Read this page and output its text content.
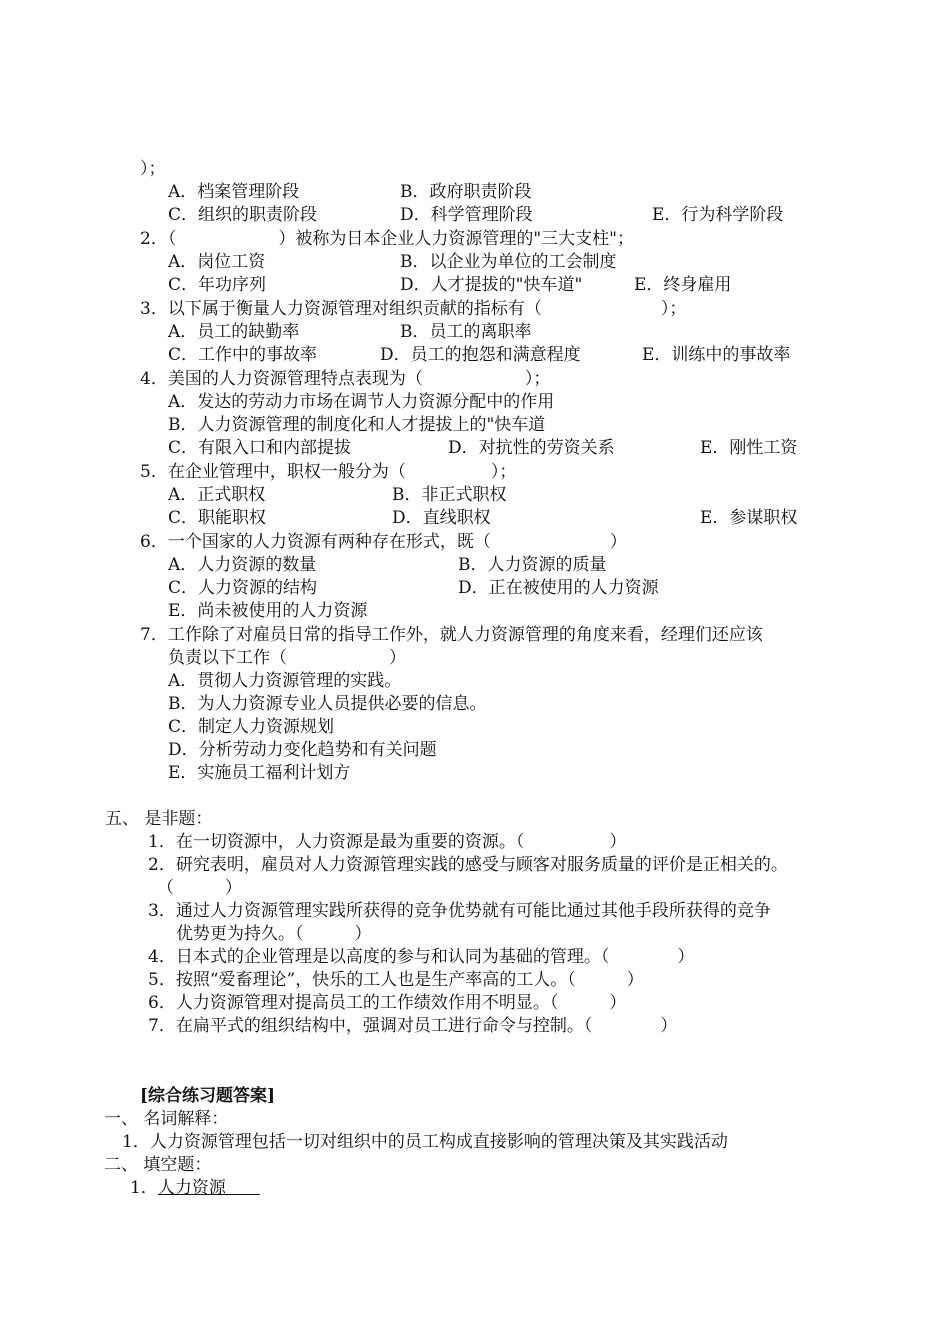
）；
A．档案管理阶段	B．政府职责阶段
C．组织的职责阶段	D．科学管理阶段	E．行为科学阶段
2．（　　　　　　）被称为日本企业人力资源管理的"三大支柱"；
A．岗位工资	B．以企业为单位的工会制度
C．年功序列	D．人才提拔的"快车道"	E．终身雇用
3．以下属于衡量人力资源管理对组织贡献的指标有（　　　　　　　）；
A．员工的缺勤率	B．员工的离职率
C．工作中的事故率	D．员工的抱怨和满意程度	E．训练中的事故率
4．美国的人力资源管理特点表现为（　　　　　　）；
A．发达的劳动力市场在调节人力资源分配中的作用
B．人力资源管理的制度化和人才提拔上的"快车道
C．有限入口和内部提拔	D．对抗性的劳资关系	E．刚性工资
5．在企业管理中，职权一般分为（　　　　　）；
A．正式职权	B．非正式职权
C．职能职权	D．直线职权	E．参谋职权
6．一个国家的人力资源有两种存在形式，既（　　　　　　　）
A．人力资源的数量	B．人力资源的质量
C．人力资源的结构	D．正在被使用的人力资源
E．尚未被使用的人力资源
7．工作除了对雇员日常的指导工作外，就人力资源管理的角度来看，经理们还应该
负责以下工作（　　　　　　）
A．贯彻人力资源管理的实践。
B．为人力资源专业人员提供必要的信息。
C．制定人力资源规划
D．分析劳动力变化趋势和有关问题
E．实施员工福利计划方
五、 是非题：
1．在一切资源中，人力资源是最为重要的资源。（　　　　　）
2．研究表明，雇员对人力资源管理实践的感受与顾客对服务质量的评价是正相关的。
（　　　）
3．通过人力资源管理实践所获得的竞争优势就有可能比通过其他手段所获得的竞争
优势更为持久。（　　　）
4．日本式的企业管理是以高度的参与和认同为基础的管理。（　　　　）
5．按照“爱畜理论”，快乐的工人也是生产率高的工人。（　　　）
6．人力资源管理对提高员工的工作绩效作用不明显。（　　　）
7．在扁平式的组织结构中，强调对员工进行命令与控制。（　　　　）
[综合练习题答案]
一、 名词解释：
1．人力资源管理包括一切对组织中的员工构成直接影响的管理决策及其实践活动
二、 填空题：
1．人力资源　　
